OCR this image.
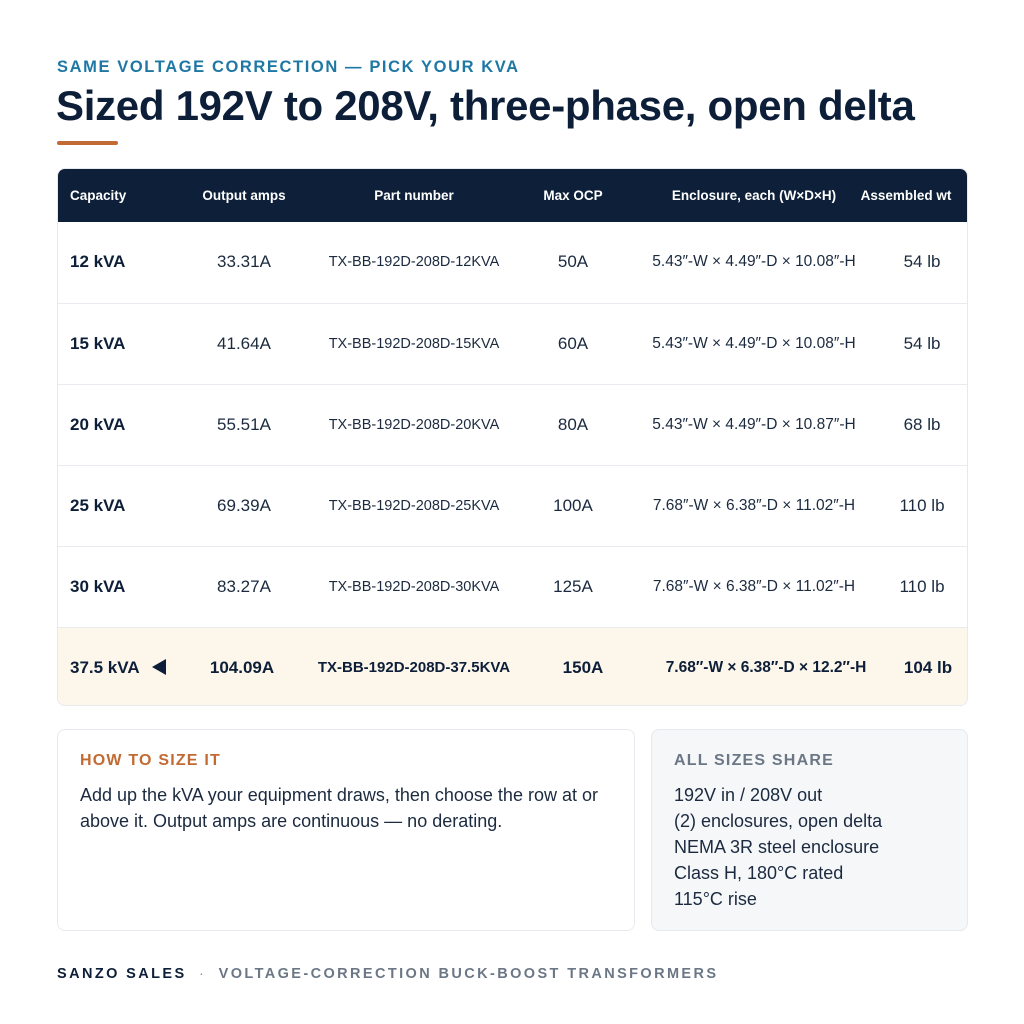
SAME VOLTAGE CORRECTION — PICK YOUR KVA
Sized 192V to 208V, three-phase, open delta
Capacity	Output amps	Part number	Max OCP	Enclosure, each (W×D×H)	Assembled wt
12 kVA	33.31A	TX-BB-192D-208D-12KVA	50A	5.43″-W × 4.49″-D × 10.08″-H	54 lb
15 kVA	41.64A	TX-BB-192D-208D-15KVA	60A	5.43″-W × 4.49″-D × 10.08″-H	54 lb
20 kVA	55.51A	TX-BB-192D-208D-20KVA	80A	5.43″-W × 4.49″-D × 10.87″-H	68 lb
25 kVA	69.39A	TX-BB-192D-208D-25KVA	100A	7.68″-W × 6.38″-D × 11.02″-H	110 lb
30 kVA	83.27A	TX-BB-192D-208D-30KVA	125A	7.68″-W × 6.38″-D × 11.02″-H	110 lb
37.5 kVA	104.09A	TX-BB-192D-208D-37.5KVA	150A	7.68″-W × 6.38″-D × 12.2″-H	104 lb
HOW TO SIZE IT

Add up the kVA your equipment draws, then choose the row at or above it. Output amps are continuous — no derating.

ALL SIZES SHARE
192V in / 208V out
(2) enclosures, open delta
NEMA 3R steel enclosure
Class H, 180°C rated
115°C rise
SANZO SALES · VOLTAGE-CORRECTION BUCK-BOOST TRANSFORMERS
